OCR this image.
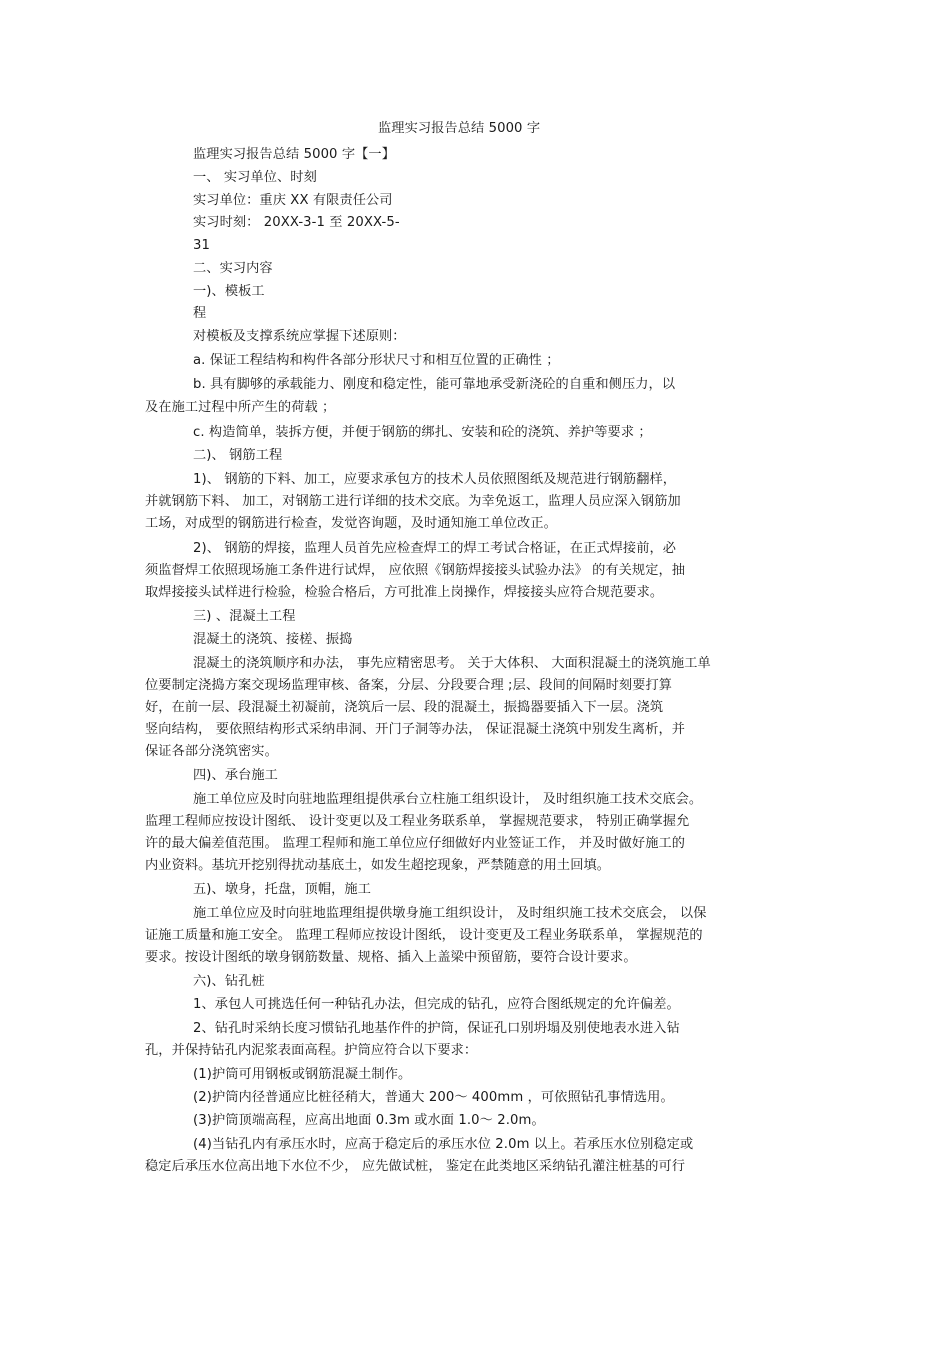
监理实习报告总结 5000 字
监理实习报告总结 5000 字【一】
一、 实习单位、时刻
实习单位：重庆 XX 有限责任公司
实习时刻： 20XX-3-1 至 20XX-5-
31
二、实习内容
一)、模板工
程
对模板及支撑系统应掌握下述原则：
a. 保证工程结构和构件各部分形状尺寸和相互位置的正确性 ；
b. 具有脚够的承载能力、刚度和稳定性，能可靠地承受新浇砼的自重和侧压力，以
及在施工过程中所产生的荷载 ；
c. 构造简单，装拆方便，并便于钢筋的绑扎、安装和砼的浇筑、养护等要求 ；
二)、 钢筋工程
1)、 钢筋的下料、加工，应要求承包方的技术人员依照图纸及规范进行钢筋翻样，
并就钢筋下料、 加工，对钢筋工进行详细的技术交底。为幸免返工，监理人员应深入钢筋加
工场，对成型的钢筋进行检查，发觉咨询题，及时通知施工单位改正。
2)、 钢筋的焊接，监理人员首先应检查焊工的焊工考试合格证，在正式焊接前，必
须监督焊工依照现场施工条件进行试焊， 应依照《钢筋焊接接头试验办法》 的有关规定，抽
取焊接接头试样进行检验，检验合格后，方可批准上岗操作，焊接接头应符合规范要求。
三) 、混凝土工程
混凝土的浇筑、接槎、振捣
混凝土的浇筑顺序和办法， 事先应精密思考。 关于大体积、 大面积混凝土的浇筑施工单
位要制定浇捣方案交现场监理审核、备案，分层、分段要合理 ;层、段间的间隔时刻要打算
好，在前一层、段混凝土初凝前，浇筑后一层、段的混凝土，振捣器要插入下一层。浇筑
竖向结构， 要依照结构形式采纳串洞、开门子洞等办法， 保证混凝土浇筑中别发生离析，并
保证各部分浇筑密实。
四)、承台施工
施工单位应及时向驻地监理组提供承台立柱施工组织设计， 及时组织施工技术交底会。
监理工程师应按设计图纸、 设计变更以及工程业务联系单， 掌握规范要求， 特别正确掌握允
许的最大偏差值范围。 监理工程师和施工单位应仔细做好内业签证工作， 并及时做好施工的
内业资料。基坑开挖别得扰动基底土，如发生超挖现象，严禁随意的用土回填。
五)、墩身，托盘，顶帽，施工
施工单位应及时向驻地监理组提供墩身施工组织设计， 及时组织施工技术交底会， 以保
证施工质量和施工安全。 监理工程师应按设计图纸， 设计变更及工程业务联系单， 掌握规范的
要求。按设计图纸的墩身钢筋数量、规格、插入上盖梁中预留筋，要符合设计要求。
六)、钻孔桩
1、承包人可挑选任何一种钻孔办法，但完成的钻孔，应符合图纸规定的允许偏差。
2、钻孔时采纳长度习惯钻孔地基作件的护筒，保证孔口别坍塌及别使地表水进入钻
孔，并保持钻孔内泥浆表面高程。护筒应符合以下要求：
(1)护筒可用钢板或钢筋混凝土制作。
(2)护筒内径普通应比桩径稍大，普通大 200～ 400mm ，可依照钻孔事情选用。
(3)护筒顶端高程，应高出地面 0.3m 或水面 1.0～ 2.0m。
(4)当钻孔内有承压水时，应高于稳定后的承压水位 2.0m 以上。若承压水位别稳定或
稳定后承压水位高出地下水位不少， 应先做试桩， 鉴定在此类地区采纳钻孔灌注桩基的可行
